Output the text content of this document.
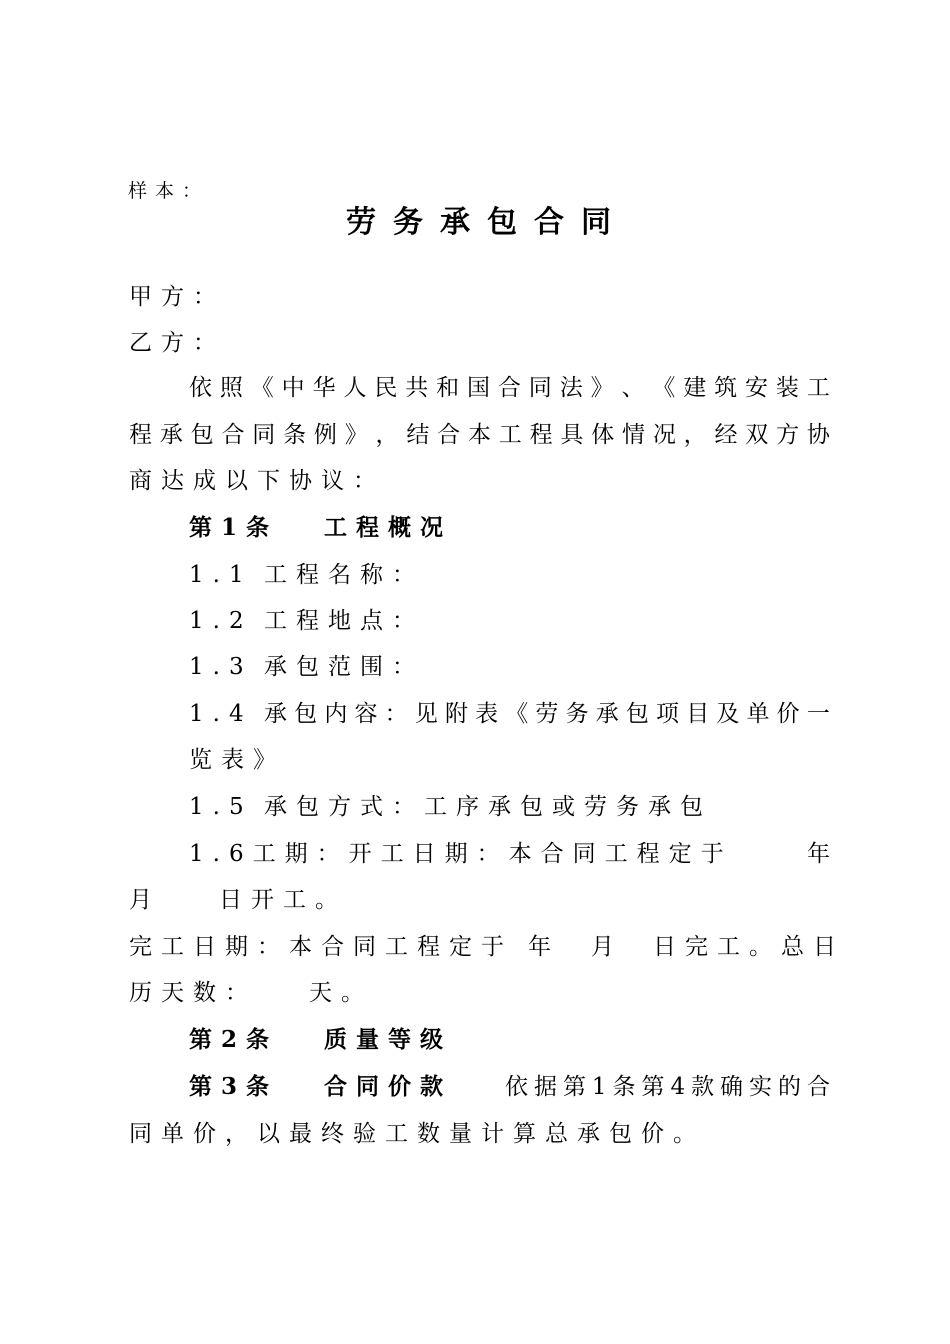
样本：
劳务承包合同
甲方：
乙方：
依 照 《 中 华 人 民 共 和 国 合 同 法 》 、 《 建 筑 安 装 工
程 承 包 合 同 条 例 》 ， 结 合 本 工 程 具 体 情 况 ， 经 双 方 协
商达成以下协议：
第1条 工程概况
1.1 工程名称：
1.2 工程地点：
1.3 承包范围：
1.4 承 包 内 容 ： 见 附 表 《 劳 务 承 包 项 目 及 单 价 一
览表》
1.5 承包方式：工序承包或劳务承包
1.6工期：开工日期：本合同工程定于	年
月	日开工。
完工日期：本合同工程定于 年 月 日完工。总日
历天数： 天。
第2条 质量等级
第3条 合同价款 依 据 第 1 条 第 4 款 确 实 的 合
同单价，以最终验工数量计算总承包价。
